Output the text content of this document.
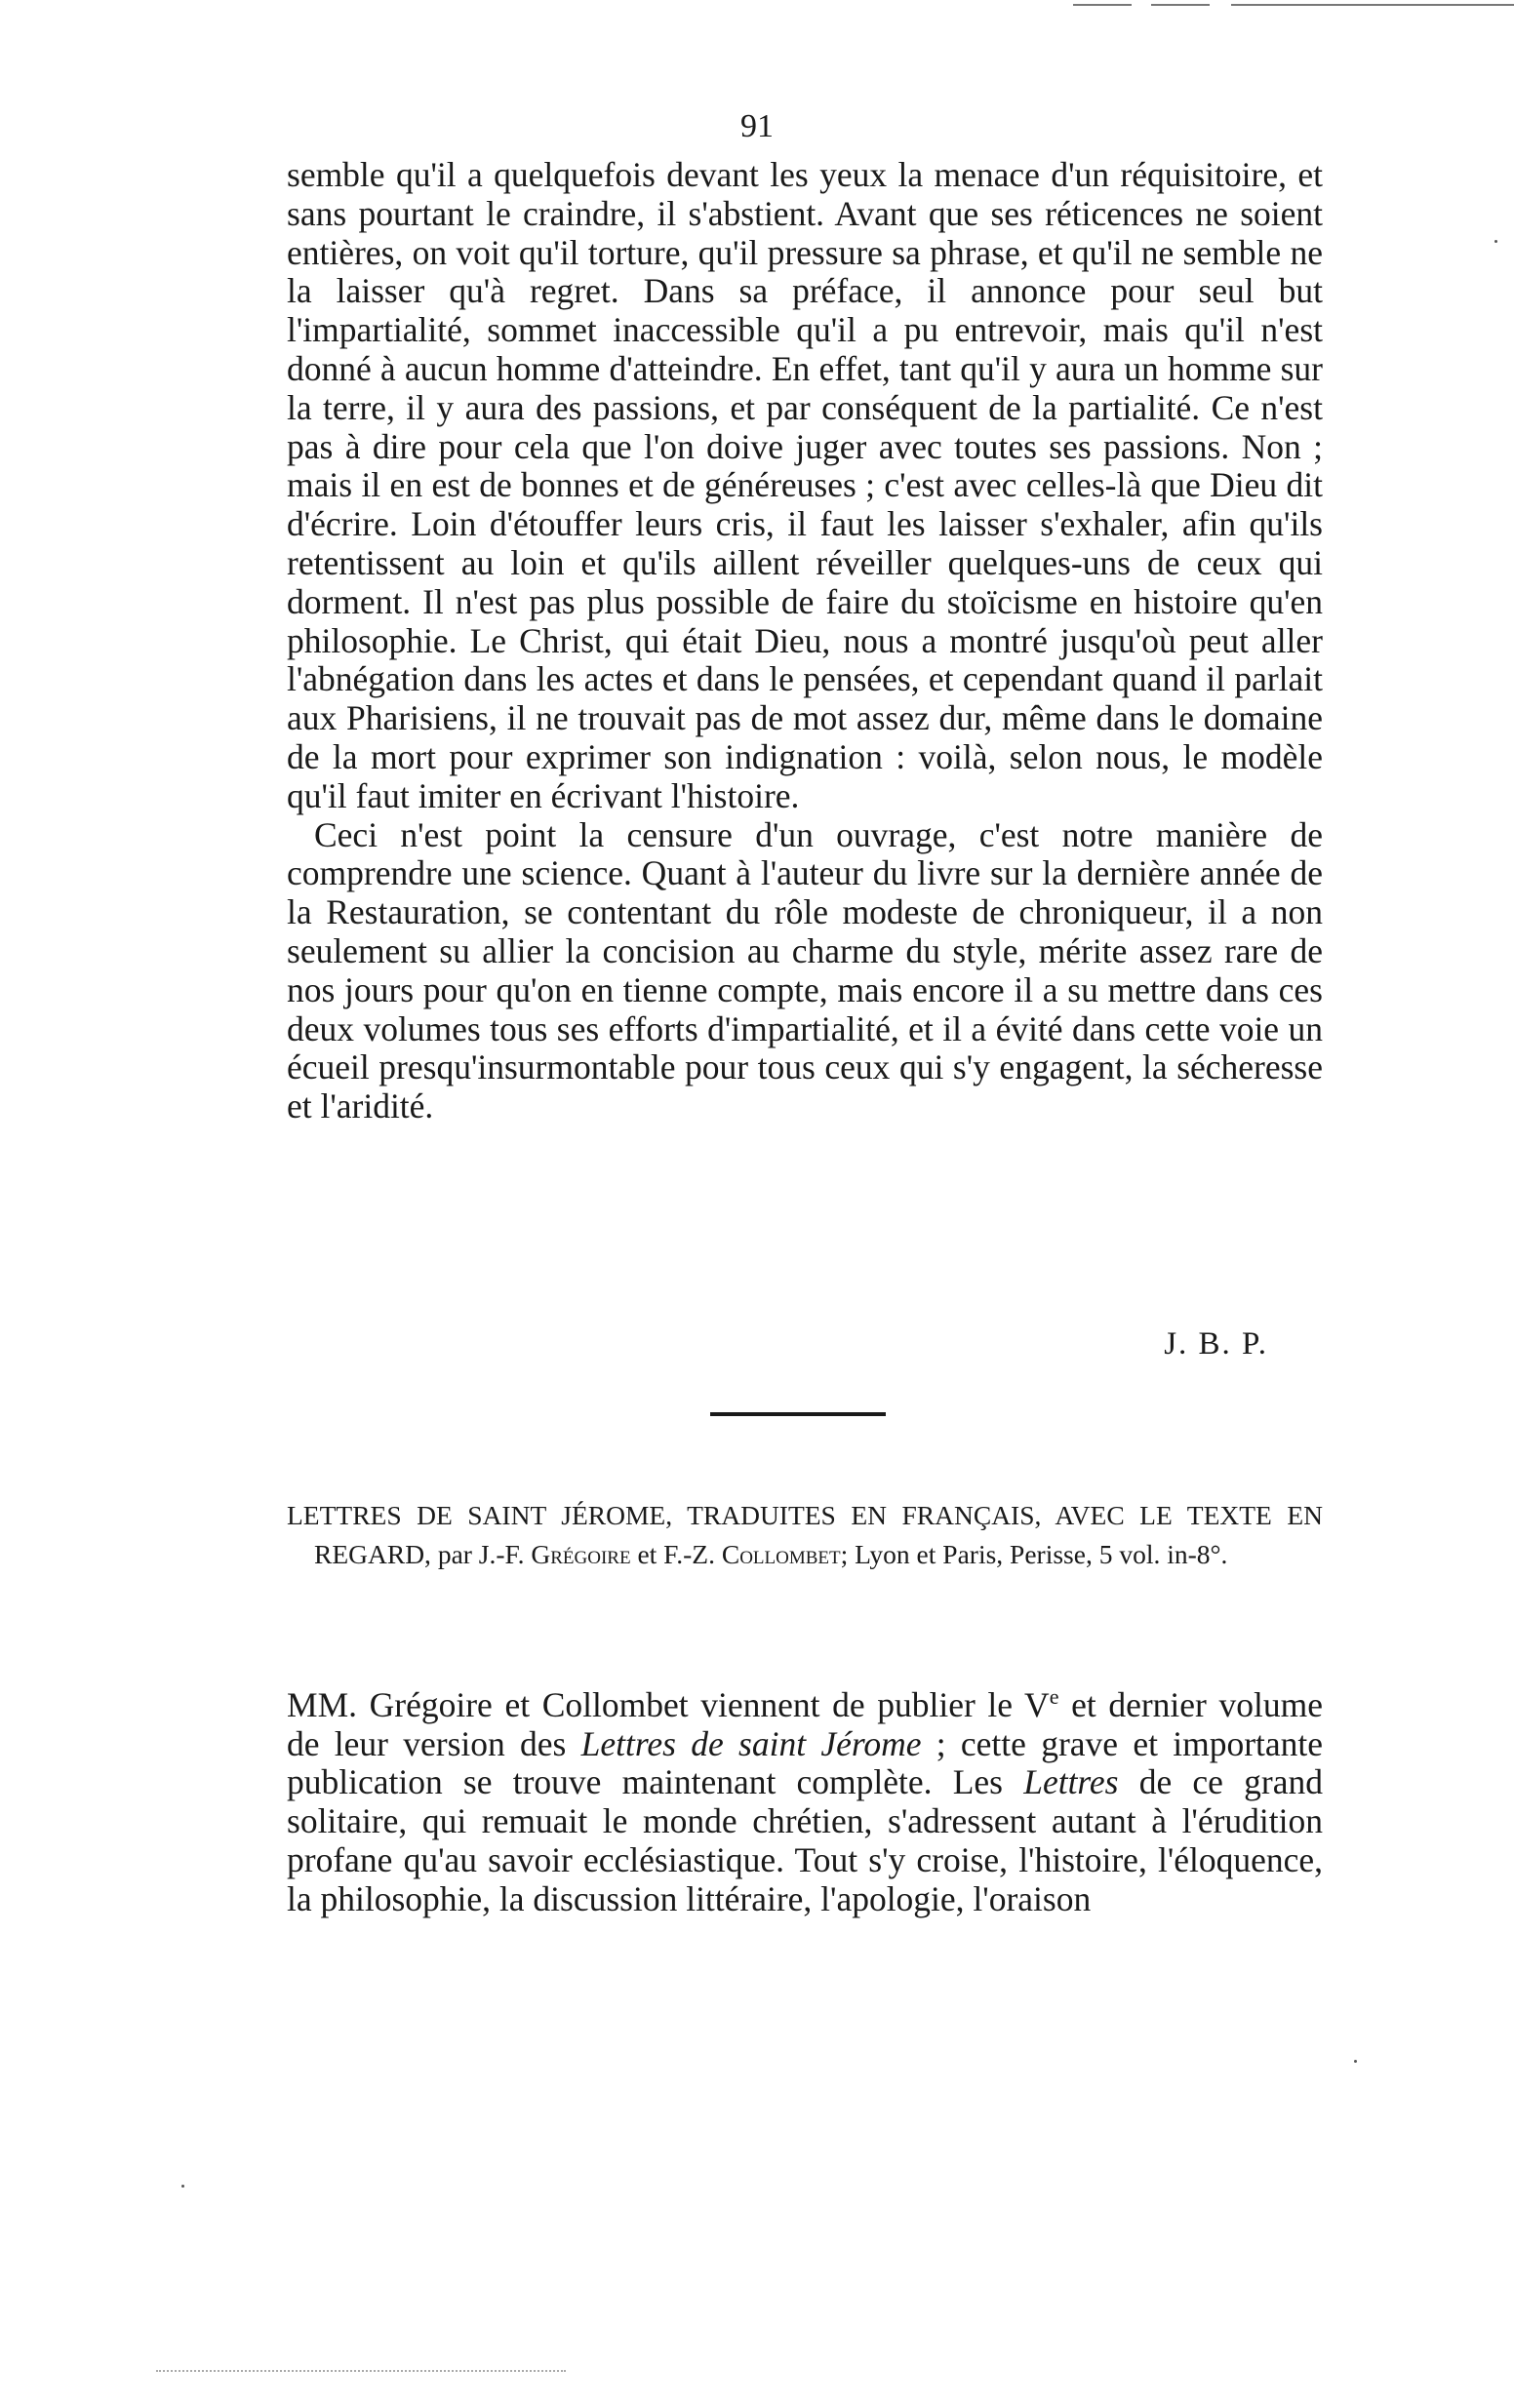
91

semble qu'il a quelquefois devant les yeux la menace d'un réquisitoire, et sans pourtant le craindre, il s'abstient. Avant que ses réticences ne soient entières, on voit qu'il torture, qu'il pressure sa phrase, et qu'il ne semble ne la laisser qu'à regret. Dans sa préface, il annonce pour seul but l'impartialité, sommet inaccessible qu'il a pu entrevoir, mais qu'il n'est donné à aucun homme d'atteindre. En effet, tant qu'il y aura un homme sur la terre, il y aura des passions, et par conséquent de la partialité. Ce n'est pas à dire pour cela que l'on doive juger avec toutes ses passions. Non ; mais il en est de bonnes et de généreuses ; c'est avec celles-là que Dieu dit d'écrire. Loin d'étouffer leurs cris, il faut les laisser s'exhaler, afin qu'ils retentissent au loin et qu'ils aillent réveiller quelques-uns de ceux qui dorment. Il n'est pas plus possible de faire du stoïcisme en histoire qu'en philosophie. Le Christ, qui était Dieu, nous a montré jusqu'où peut aller l'abnégation dans les actes et dans le pensées, et cependant quand il parlait aux Pharisiens, il ne trouvait pas de mot assez dur, même dans le domaine de la mort pour exprimer son indignation : voilà, selon nous, le modèle qu'il faut imiter en écrivant l'histoire.

Ceci n'est point la censure d'un ouvrage, c'est notre manière de comprendre une science. Quant à l'auteur du livre sur la dernière année de la Restauration, se contentant du rôle modeste de chroniqueur, il a non seulement su allier la concision au charme du style, mérite assez rare de nos jours pour qu'on en tienne compte, mais encore il a su mettre dans ces deux volumes tous ses efforts d'impartialité, et il a évité dans cette voie un écueil presqu'insurmontable pour tous ceux qui s'y engagent, la sécheresse et l'aridité.

J. B. P.

LETTRES DE SAINT JÉROME, TRADUITES EN FRANÇAIS, AVEC LE TEXTE EN REGARD, par J.-F. Grégoire et F.-Z. Collombet; Lyon et Paris, Perisse, 5 vol. in-8°.

MM. Grégoire et Collombet viennent de publier le Ve et dernier volume de leur version des Lettres de saint Jérome ; cette grave et importante publication se trouve maintenant complète. Les Lettres de ce grand solitaire, qui remuait le monde chrétien, s'adressent autant à l'érudition profane qu'au savoir ecclésiastique. Tout s'y croise, l'histoire, l'éloquence, la philosophie, la discussion littéraire, l'apologie, l'oraison
